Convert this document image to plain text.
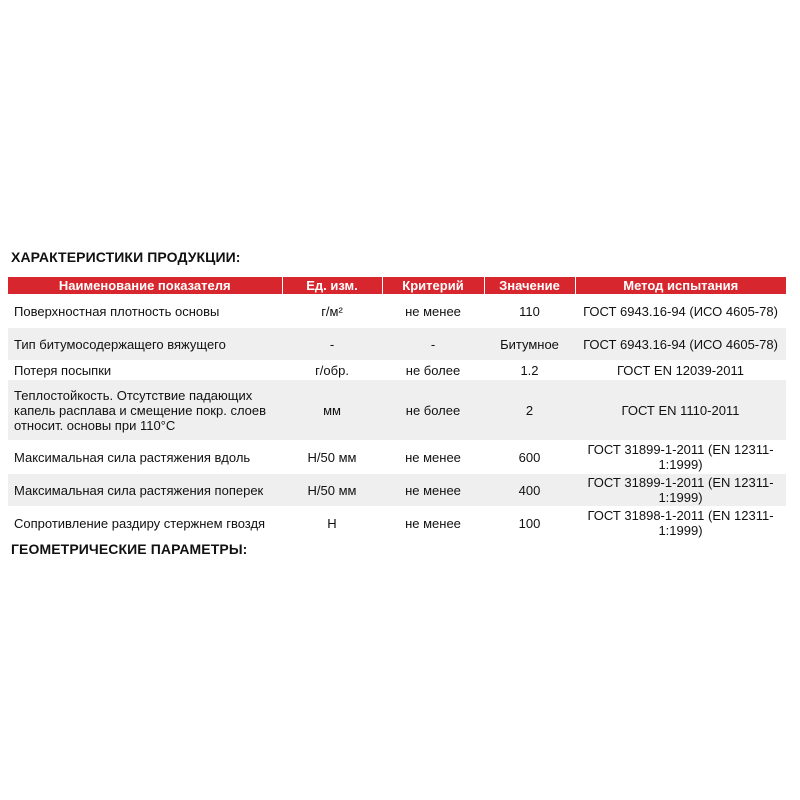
ХАРАКТЕРИСТИКИ ПРОДУКЦИИ:
Наименование показателя	Ед. изм.	Критерий	Значение	Метод испытания
Поверхностная плотность основы	г/м²	не менее	110	ГОСТ 6943.16-94 (ИСО 4605-78)
Тип битумосодержащего вяжущего	-	-	Битумное	ГОСТ 6943.16-94 (ИСО 4605-78)
Потеря посыпки	г/обр.	не более	1.2	ГОСТ EN 12039-2011
Теплостойкость. Отсутствие падающих капель расплава и смещение покр. слоев относит. основы при 110°C	мм	не более	2	ГОСТ EN 1110-2011
Максимальная сила растяжения вдоль	Н/50 мм	не менее	600	ГОСТ 31899-1-2011 (EN 12311-1:1999)
Максимальная сила растяжения поперек	Н/50 мм	не менее	400	ГОСТ 31899-1-2011 (EN 12311-1:1999)
Сопротивление раздиру стержнем гвоздя	Н	не менее	100	ГОСТ 31898-1-2011 (EN 12311-1:1999)
ГЕОМЕТРИЧЕСКИЕ ПАРАМЕТРЫ:
